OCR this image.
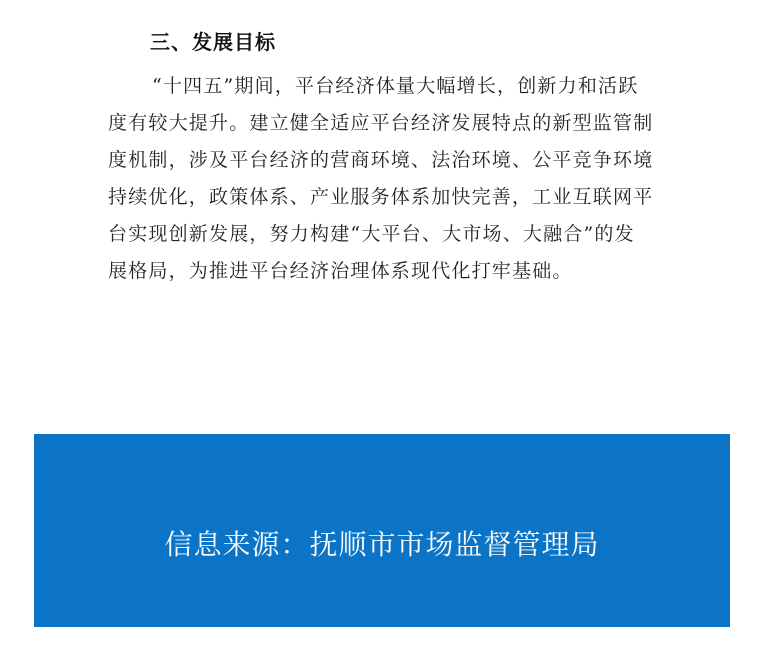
三、发展目标
“十四五”期间，平台经济体量大幅增长，创新力和活跃
度有较大提升。建立健全适应平台经济发展特点的新型监管制
度机制，涉及平台经济的营商环境、法治环境、公平竞争环境
持续优化，政策体系、产业服务体系加快完善，工业互联网平
台实现创新发展，努力构建“大平台、大市场、大融合”的发
展格局，为推进平台经济治理体系现代化打牢基础。
信息来源：抚顺市市场监督管理局
